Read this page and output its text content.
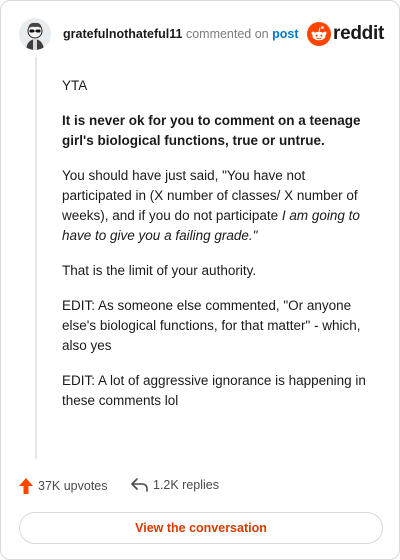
gratefulnothateful11 commented on post reddit

YTA

It is never ok for you to comment on a teenage girl's biological functions, true or untrue.

You should have just said, "You have not participated in (X number of classes/ X number of weeks), and if you do not participate I am going to have to give you a failing grade."

That is the limit of your authority.

EDIT: As someone else commented, "Or anyone else's biological functions, for that matter" - which, also yes

EDIT: A lot of aggressive ignorance is happening in these comments lol

37K upvotes	1.2K replies
View the conversation
